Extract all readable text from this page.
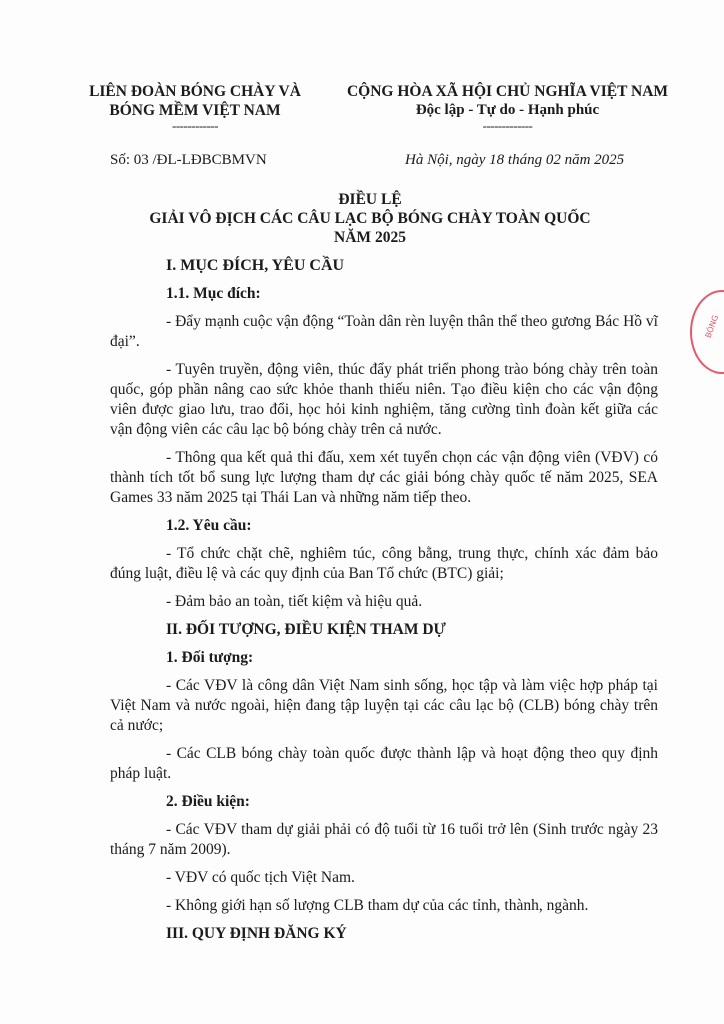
LIÊN ĐOÀN BÓNG CHÀY VÀ
BÓNG MỀM VIỆT NAM
------------
CỘNG HÒA XÃ HỘI CHỦ NGHĨA VIỆT NAM
Độc lập - Tự do - Hạnh phúc
-------------
Số: 03 /ĐL-LĐBCBMVN	Hà Nội, ngày 18 tháng 02 năm 2025
ĐIỀU LỆ
GIẢI VÔ ĐỊCH CÁC CÂU LẠC BỘ BÓNG CHÀY TOÀN QUỐC
NĂM 2025
I. MỤC ĐÍCH, YÊU CẦU
1.1. Mục đích:

- Đẩy mạnh cuộc vận động “Toàn dân rèn luyện thân thể theo gương Bác Hồ vĩ đại”.

- Tuyên truyền, động viên, thúc đẩy phát triển phong trào bóng chày trên toàn quốc, góp phần nâng cao sức khỏe thanh thiếu niên. Tạo điều kiện cho các vận động viên được giao lưu, trao đổi, học hỏi kinh nghiệm, tăng cường tình đoàn kết giữa các vận động viên các câu lạc bộ bóng chày trên cả nước.

- Thông qua kết quả thi đấu, xem xét tuyển chọn các vận động viên (VĐV) có thành tích tốt bổ sung lực lượng tham dự các giải bóng chày quốc tế năm 2025, SEA Games 33 năm 2025 tại Thái Lan và những năm tiếp theo.

1.2. Yêu cầu:

- Tổ chức chặt chẽ, nghiêm túc, công bằng, trung thực, chính xác đảm bảo đúng luật, điều lệ và các quy định của Ban Tổ chức (BTC) giải;

- Đảm bảo an toàn, tiết kiệm và hiệu quả.

II. ĐỐI TƯỢNG, ĐIỀU KIỆN THAM DỰ
1. Đối tượng:

- Các VĐV là công dân Việt Nam sinh sống, học tập và làm việc hợp pháp tại Việt Nam và nước ngoài, hiện đang tập luyện tại các câu lạc bộ (CLB) bóng chày trên cả nước;

- Các CLB bóng chày toàn quốc được thành lập và hoạt động theo quy định pháp luật.

2. Điều kiện:

- Các VĐV tham dự giải phải có độ tuổi từ 16 tuổi trở lên (Sinh trước ngày 23 tháng 7 năm 2009).

- VĐV có quốc tịch Việt Nam.

- Không giới hạn số lượng CLB tham dự của các tỉnh, thành, ngành.

III. QUY ĐỊNH ĐĂNG KÝ
BÓNG
